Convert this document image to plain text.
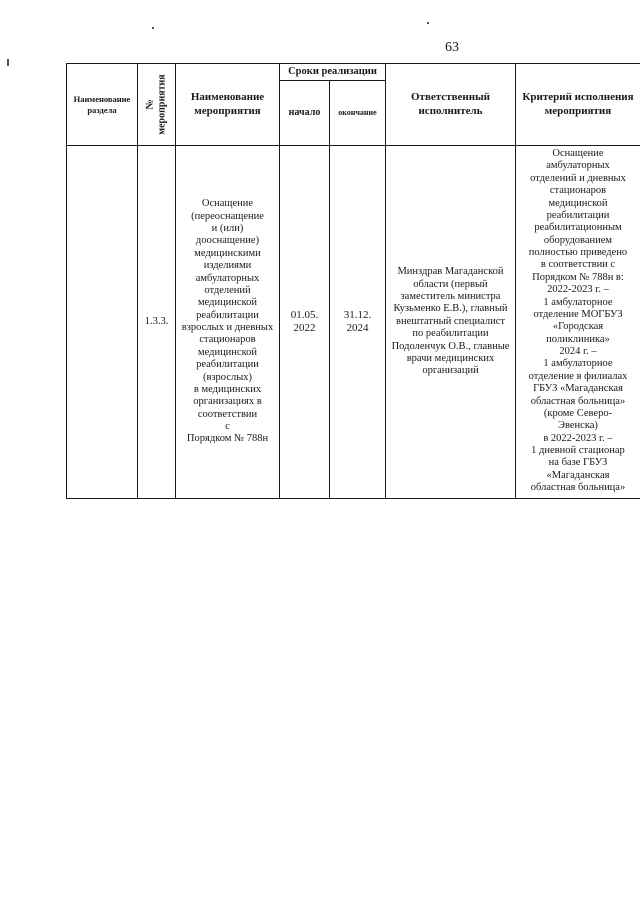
63
Наименование
раздела	№
мероприятия Наименование
мероприятия
Сроки реализации
начало окончание
Ответственный
исполнитель
Критерий исполнения
мероприятия
1.3.3.
Оснащение
(переоснащение
и (или)
дооснащение)
медицинскими
изделиями
амбулаторных
отделений
медицинской
реабилитации
взрослых и дневных
стационаров
медицинской
реабилитации
(взрослых)
в медицинских
организациях в
соответствии
с
Порядком № 788н
01.05.
2022
31.12.
2024
Минздрав Магаданской
области (первый
заместитель министра
Кузьменко Е.В.), главный
внештатный специалист
по реабилитации
Подоленчук О.В., главные
врачи медицинских
организаций
Оснащение
амбулаторных
отделений и дневных
стационаров
медицинской
реабилитации
реабилитационным
оборудованием
полностью приведено
в соответствии с
Порядком № 788н в:
2022-2023 г. –
1 амбулаторное
отделение МОГБУЗ
«Городская
поликлиника»
2024 г. –
1 амбулаторное
отделение в филиалах
ГБУЗ «Магаданская
областная больница»
(кроме Северо-
Эвенска)
в 2022-2023 г. –
1 дневной стационар
на базе ГБУЗ
«Магаданская
областная больница»
